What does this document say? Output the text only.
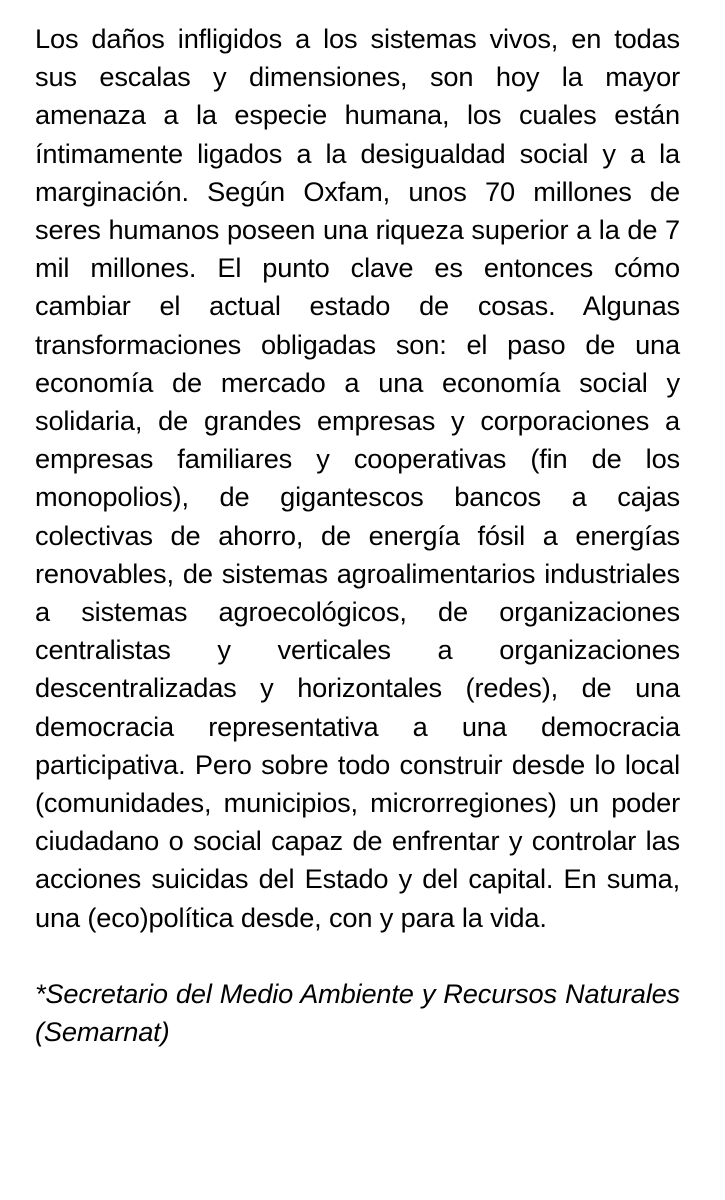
Los daños infligidos a los sistemas vivos, en todas sus escalas y dimensiones, son hoy la mayor amenaza a la especie humana, los cuales están íntimamente ligados a la desigualdad social y a la marginación. Según Oxfam, unos 70 millones de seres humanos poseen una riqueza superior a la de 7 mil millones. El punto clave es entonces cómo cambiar el actual estado de cosas. Algunas transformaciones obligadas son: el paso de una economía de mercado a una economía social y solidaria, de grandes empresas y corporaciones a empresas familiares y cooperativas (fin de los monopolios), de gigantescos bancos a cajas colectivas de ahorro, de energía fósil a energías renovables, de sistemas agroalimentarios industriales a sistemas agroecológicos, de organizaciones centralistas y verticales a organizaciones descentralizadas y horizontales (redes), de una democracia representativa a una democracia participativa. Pero sobre todo construir desde lo local (comunidades, municipios, microrregiones) un poder ciudadano o social capaz de enfrentar y controlar las acciones suicidas del Estado y del capital. En suma, una (eco)política desde, con y para la vida.

*Secretario del Medio Ambiente y Recursos Naturales (Semarnat)
